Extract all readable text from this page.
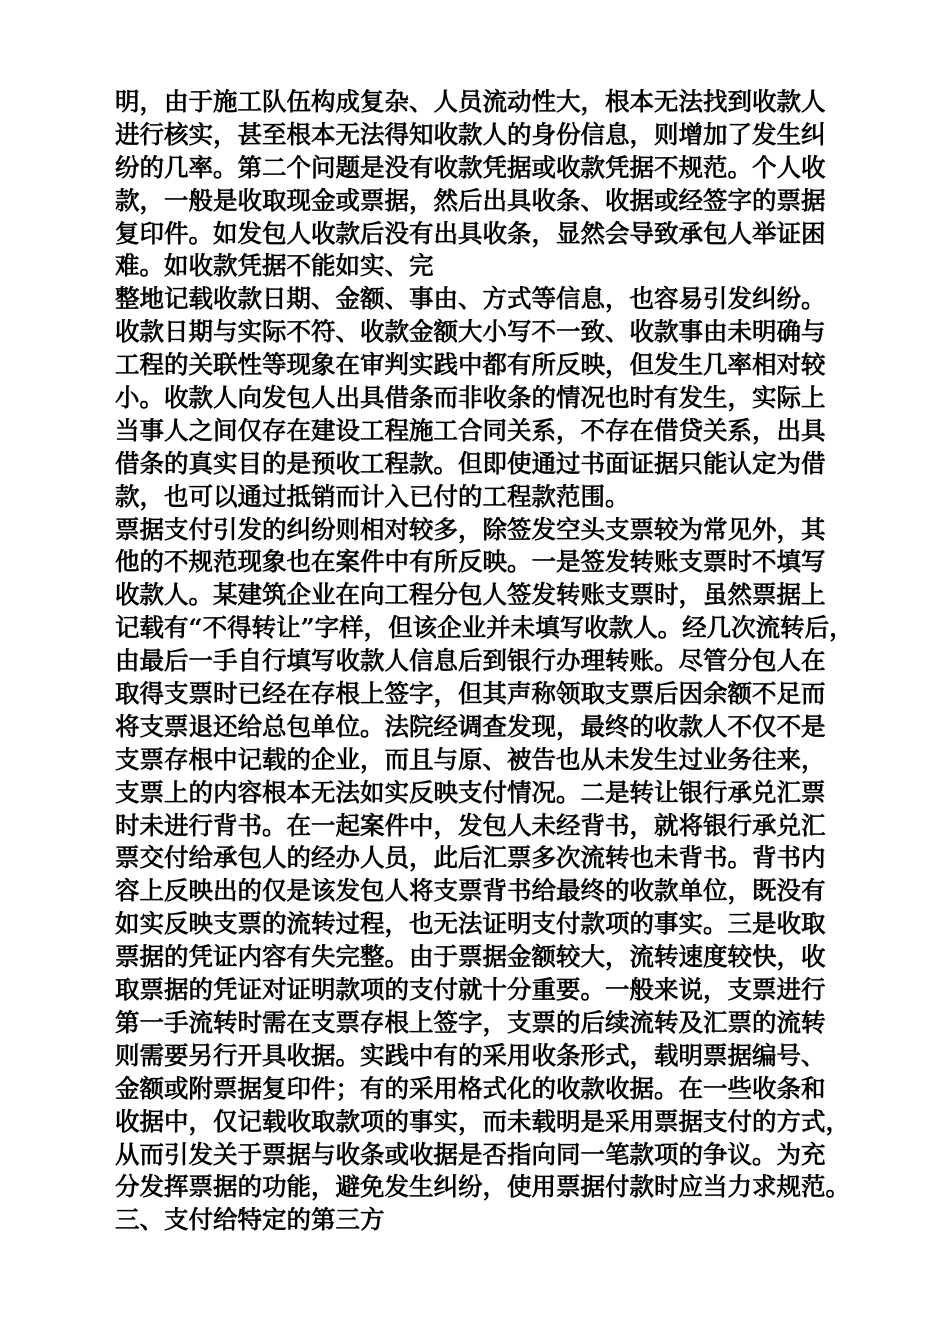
明，由于施工队伍构成复杂、人员流动性大，根本无法找到收款人
进行核实，甚至根本无法得知收款人的身份信息，则增加了发生纠
纷的几率。第二个问题是没有收款凭据或收款凭据不规范。个人收
款，一般是收取现金或票据，然后出具收条、收据或经签字的票据
复印件。如发包人收款后没有出具收条，显然会导致承包人举证困
难。如收款凭据不能如实、完
整地记载收款日期、金额、事由、方式等信息，也容易引发纠纷。
收款日期与实际不符、收款金额大小写不一致、收款事由未明确与
工程的关联性等现象在审判实践中都有所反映，但发生几率相对较
小。收款人向发包人出具借条而非收条的情况也时有发生，实际上
当事人之间仅存在建设工程施工合同关系，不存在借贷关系，出具
借条的真实目的是预收工程款。但即使通过书面证据只能认定为借
款，也可以通过抵销而计入已付的工程款范围。
票据支付引发的纠纷则相对较多，除签发空头支票较为常见外，其
他的不规范现象也在案件中有所反映。一是签发转账支票时不填写
收款人。某建筑企业在向工程分包人签发转账支票时，虽然票据上
记载有“不得转让”字样，但该企业并未填写收款人。经几次流转后，
由最后一手自行填写收款人信息后到银行办理转账。尽管分包人在
取得支票时已经在存根上签字，但其声称领取支票后因余额不足而
将支票退还给总包单位。法院经调查发现，最终的收款人不仅不是
支票存根中记载的企业，而且与原、被告也从未发生过业务往来，
支票上的内容根本无法如实反映支付情况。二是转让银行承兑汇票
时未进行背书。在一起案件中，发包人未经背书，就将银行承兑汇
票交付给承包人的经办人员，此后汇票多次流转也未背书。背书内
容上反映出的仅是该发包人将支票背书给最终的收款单位，既没有
如实反映支票的流转过程，也无法证明支付款项的事实。三是收取
票据的凭证内容有失完整。由于票据金额较大，流转速度较快，收
取票据的凭证对证明款项的支付就十分重要。一般来说，支票进行
第一手流转时需在支票存根上签字，支票的后续流转及汇票的流转
则需要另行开具收据。实践中有的采用收条形式，载明票据编号、
金额或附票据复印件；有的采用格式化的收款收据。在一些收条和
收据中，仅记载收取款项的事实，而未载明是采用票据支付的方式，
从而引发关于票据与收条或收据是否指向同一笔款项的争议。为充
分发挥票据的功能，避免发生纠纷，使用票据付款时应当力求规范。
三、支付给特定的第三方
